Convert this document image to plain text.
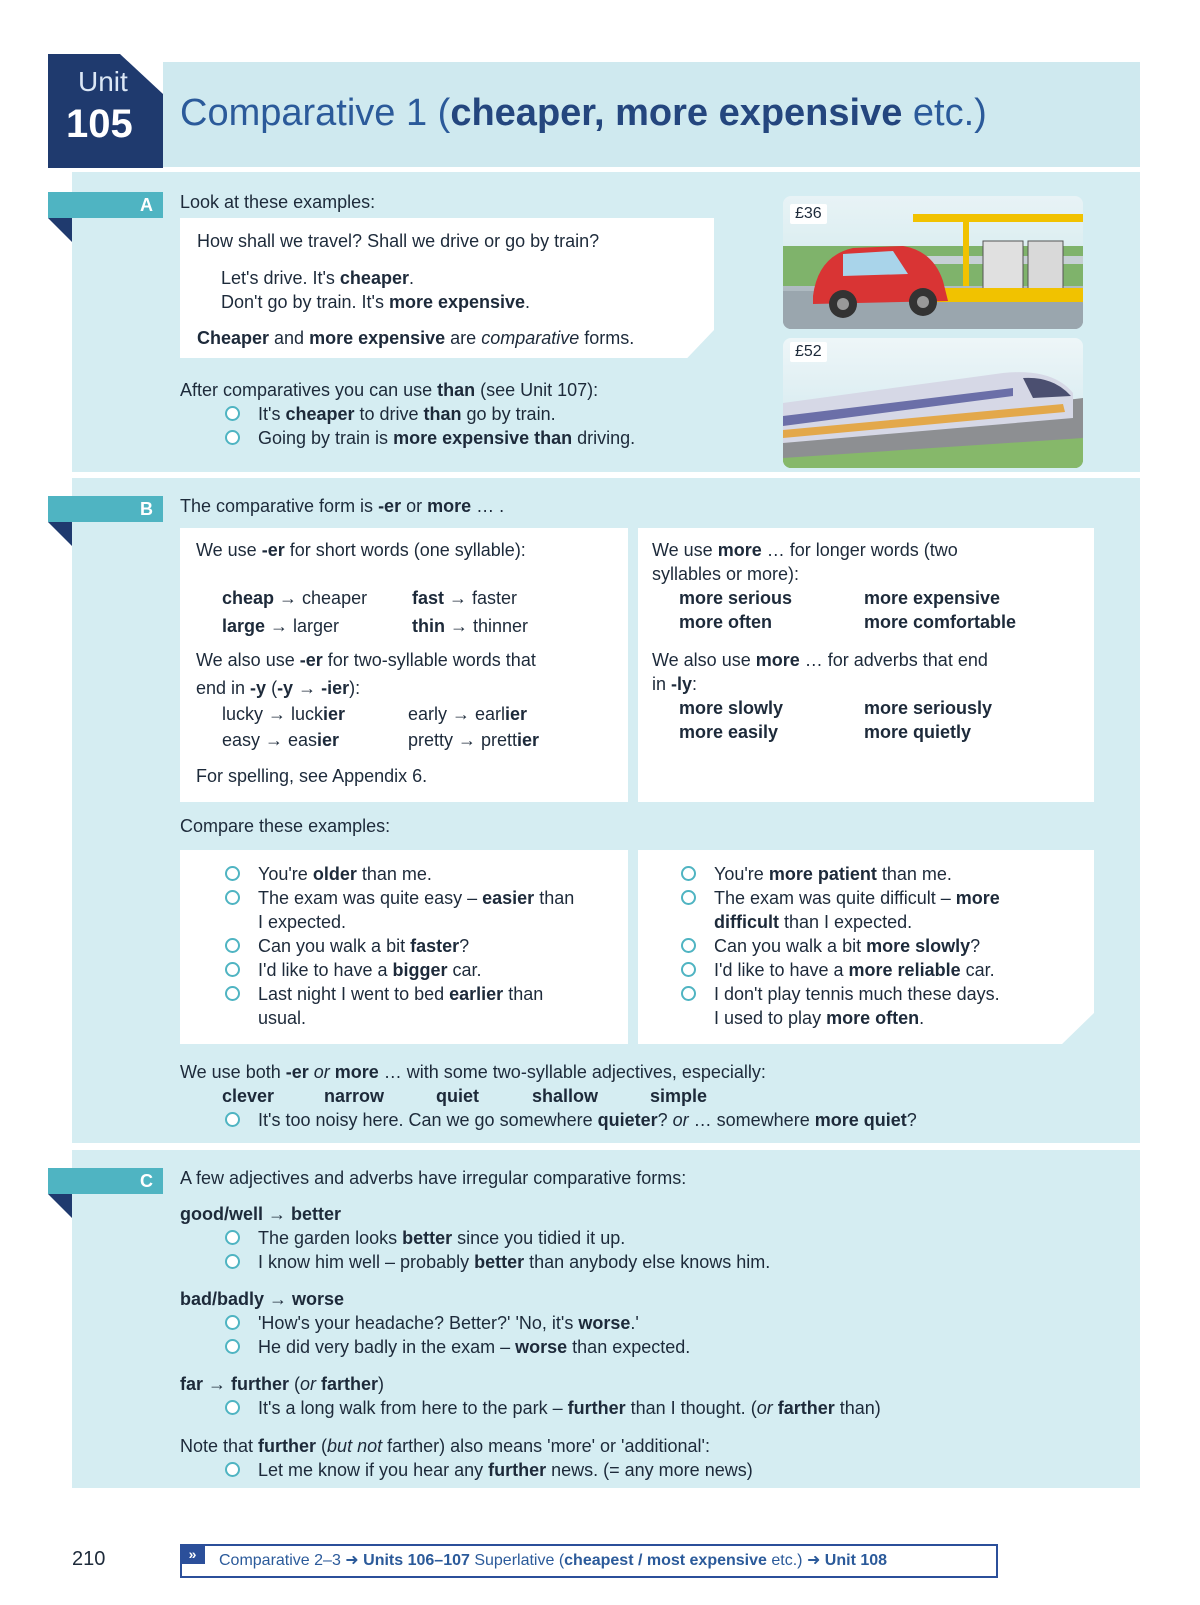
Unit
105 Comparative 1 (cheaper, more expensive etc.)
A	Look at these examples:
How shall we travel? Shall we drive or go by train?
Let's drive. It's cheaper.
Don't go by train. It's more expensive.
Cheaper and more expensive are comparative forms.
After comparatives you can use than (see Unit 107):
It's cheaper to drive than go by train.
Going by train is more expensive than driving.
£36
£52
B	The comparative form is -er or more … .
We use -er for short words (one syllable):
cheap → cheaper fast → faster
large → larger	thin → thinner
We also use -er for two-syllable words that
end in -y (-y → -ier):
lucky → luckier	early → earlier
easy → easier	pretty → prettier
For spelling, see Appendix 6.
We use more … for longer words (two
syllables or more):
more serious	more expensive
more often	more comfortable
We also use more … for adverbs that end
in -ly:
more slowly	more seriously
more easily	more quietly
Compare these examples:
You're older than me.
The exam was quite easy – easier than
I expected.
Can you walk a bit faster?
I'd like to have a bigger car.
Last night I went to bed earlier than
usual.
You're more patient than me.
The exam was quite difficult – more
difficult than I expected.
Can you walk a bit more slowly?
I'd like to have a more reliable car.
I don't play tennis much these days.
I used to play more often.
We use both -er or more … with some two-syllable adjectives, especially:
clever	narrow	quiet	shallow	simple
It's too noisy here. Can we go somewhere quieter? or … somewhere more quiet?
C	A few adjectives and adverbs have irregular comparative forms:
good/well → better
The garden looks better since you tidied it up.
I know him well – probably better than anybody else knows him.
bad/badly → worse
'How's your headache? Better?' 'No, it's worse.'
He did very badly in the exam – worse than expected.
far → further (or farther)
It's a long walk from here to the park – further than I thought. (or farther than)
Note that further (but not farther) also means 'more' or 'additional':
Let me know if you hear any further news. (= any more news)
210	»	Comparative 2–3 ➜ Units 106–107 Superlative (cheapest / most expensive etc.) ➜ Unit 108
